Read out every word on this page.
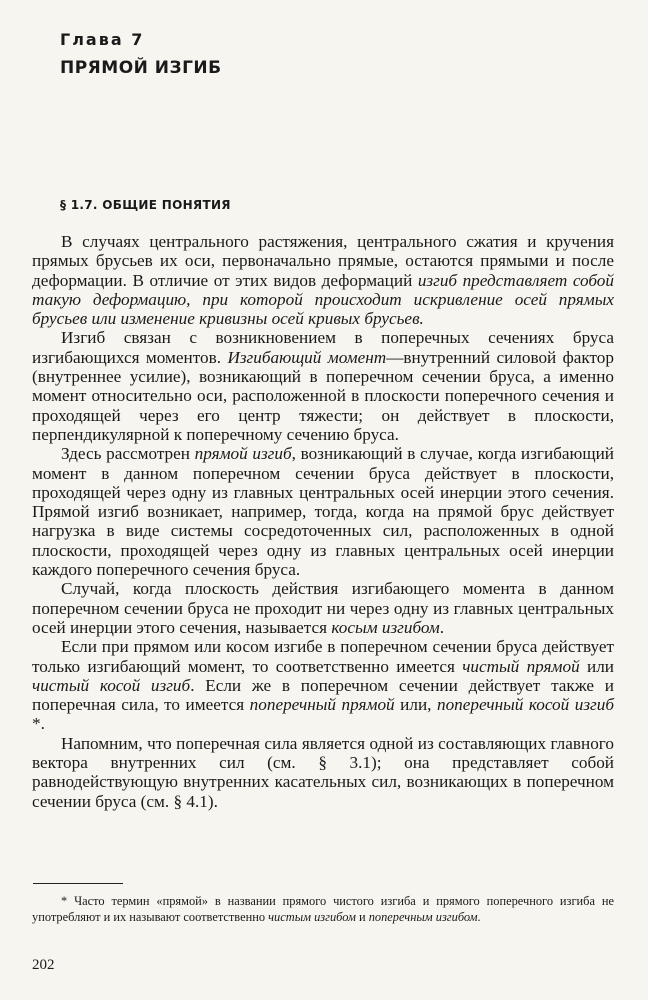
Глава 7
ПРЯМОЙ ИЗГИБ
§ 1.7. ОБЩИЕ ПОНЯТИЯ

В случаях центрального растяжения, центрального сжатия и кручения прямых брусьев их оси, первоначально прямые, остаются прямыми и после деформации. В отличие от этих видов деформаций изгиб представляет собой такую деформацию, при которой происходит искривление осей прямых брусьев или изменение кривизны осей кривых брусьев.

Изгиб связан с возникновением в поперечных сечениях бруса изгибающихся моментов. Изгибающий момент—внутренний силовой фактор (внутреннее усилие), возникающий в поперечном сечении бруса, а именно момент относительно оси, расположенной в плоскости поперечного сечения и проходящей через его центр тяжести; он действует в плоскости, перпендикулярной к поперечному сечению бруса.

Здесь рассмотрен прямой изгиб, возникающий в случае, когда изгибающий момент в данном поперечном сечении бруса действует в плоскости, проходящей через одну из главных центральных осей инерции этого сечения. Прямой изгиб возникает, например, тогда, когда на прямой брус действует нагрузка в виде системы сосредоточенных сил, расположенных в одной плоскости, проходящей через одну из главных центральных осей инерции каждого поперечного сечения бруса.

Случай, когда плоскость действия изгибающего момента в данном поперечном сечении бруса не проходит ни через одну из главных центральных осей инерции этого сечения, называется косым изгибом.

Если при прямом или косом изгибе в поперечном сечении бруса действует только изгибающий момент, то соответственно имеется чистый прямой или чистый косой изгиб. Если же в поперечном сечении действует также и поперечная сила, то имеется поперечный прямой или, поперечный косой изгиб *.

Напомним, что поперечная сила является одной из составляющих главного вектора внутренних сил (см. § 3.1); она представляет собой равнодействующую внутренних касательных сил, возникающих в поперечном сечении бруса (см. § 4.1).

* Часто термин «прямой» в названии прямого чистого изгиба и прямого поперечного изгиба не употребляют и их называют соответственно чистым изгибом и поперечным изгибом.
202
